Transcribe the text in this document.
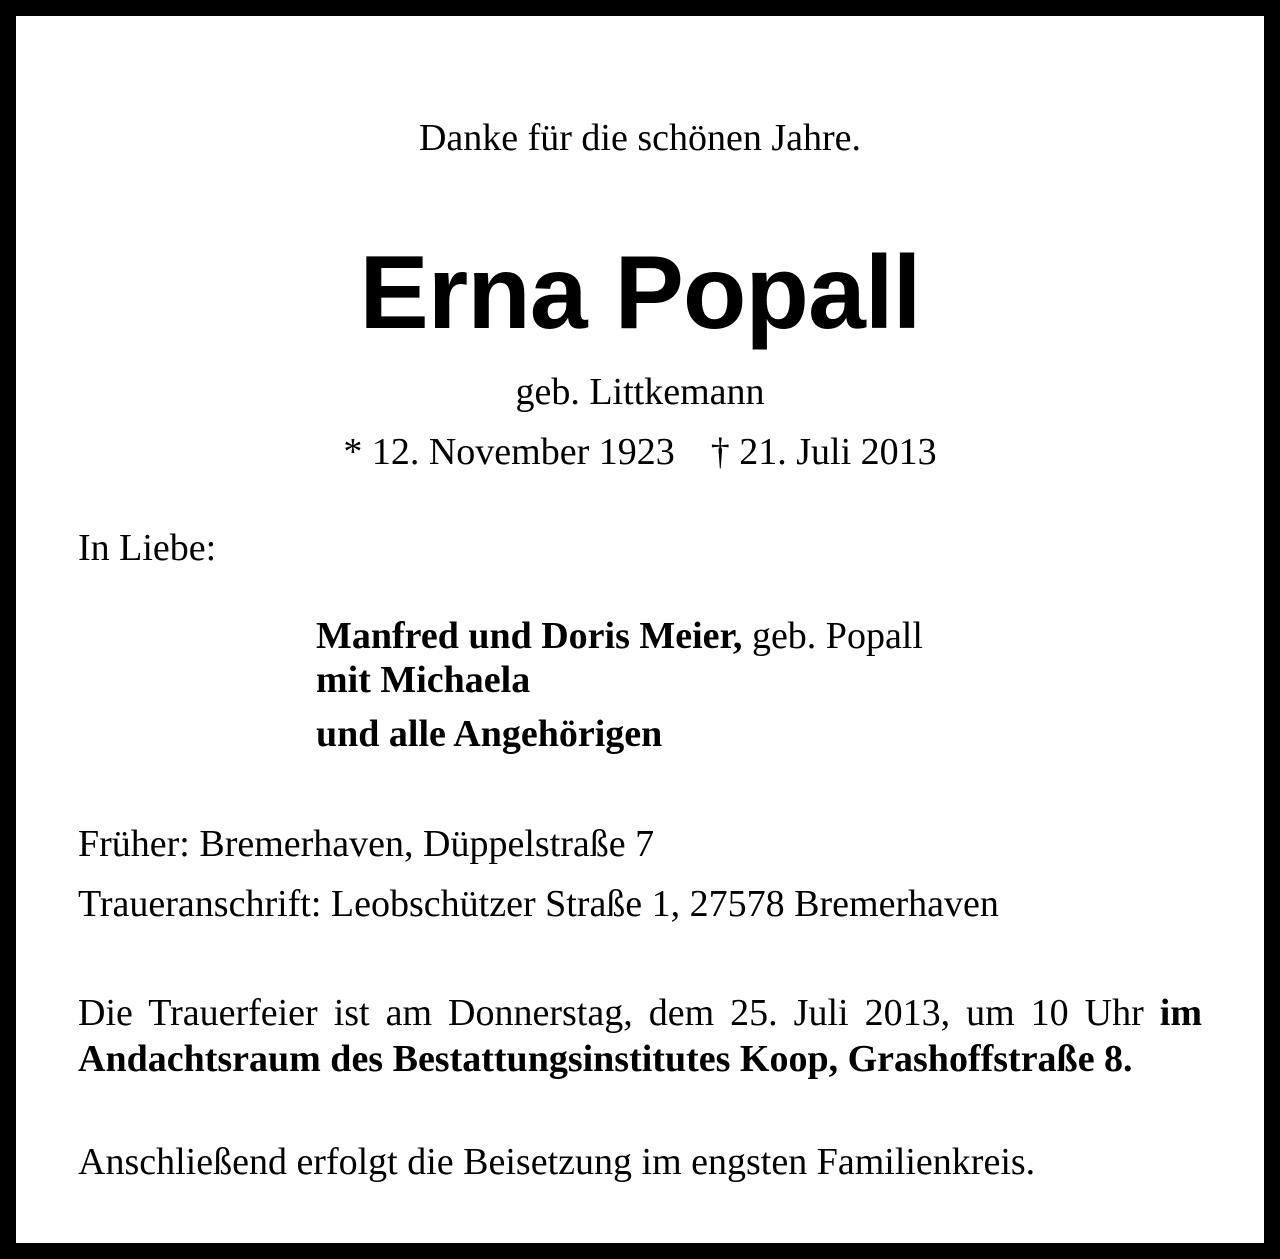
Danke für die schönen Jahre.

Erna Popall

geb. Littkemann

* 12. November 1923 † 21. Juli 2013

In Liebe:

Manfred und Doris Meier, geb. Popall

mit Michaela

und alle Angehörigen

Früher: Bremerhaven, Düppelstraße 7

Traueranschrift: Leobschützer Straße 1, 27578 Bremerhaven

Die Trauerfeier ist am Donnerstag, dem 25. Juli 2013, um 10 Uhr im Andachtsraum des Bestattungsinstitutes Koop, Grashoffstraße 8.

Anschließend erfolgt die Beisetzung im engsten Familienkreis.
